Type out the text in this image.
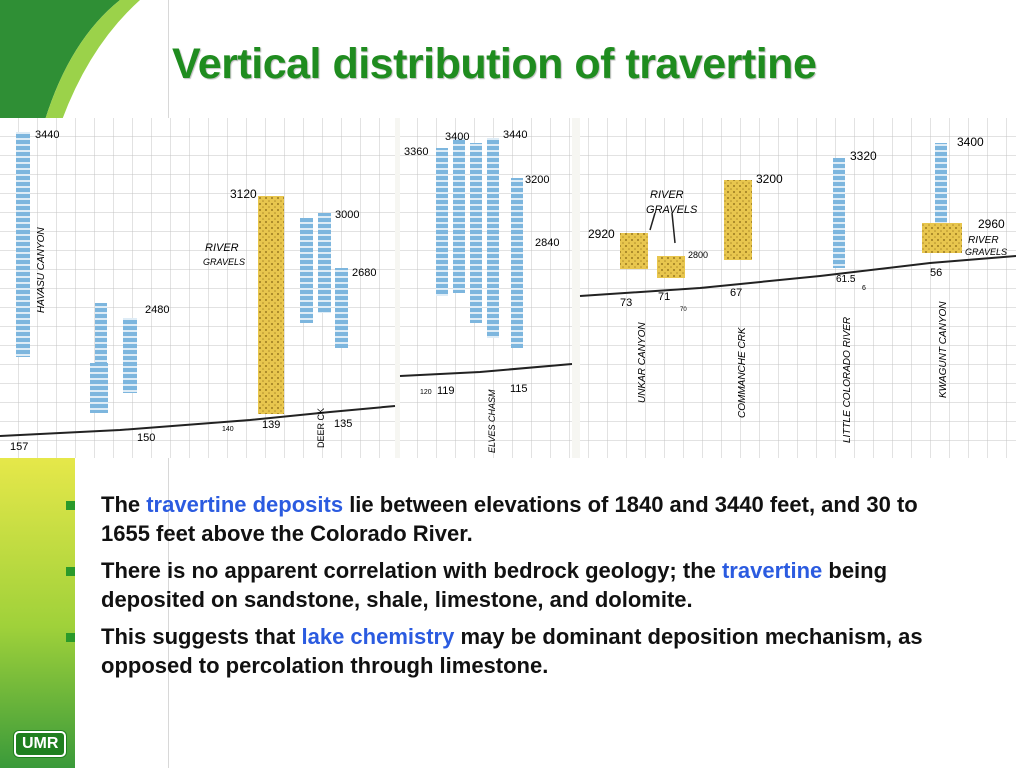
Vertical distribution of travertine
3440
2480
3120
3000
2680
RIVER
GRAVELS
HAVASU CANYON
DEER CK
157
150
140	139	135
3360
3400	3440
3200
2840
ELVES CHASM
120 119	115
2920
2800
3200
3320
3400
2960
RIVER
GRAVELS
RIVER
GRAVELS
UNKAR CANYON	COMMANCHE CRK	LITTLE COLORADO RIVER	KWAGUNT CANYON
73 71
70
67
61.5
56
6
The travertine deposits lie between elevations of 1840 and 3440 feet, and 30 to 1655 feet above the Colorado River.
There is no apparent correlation with bedrock geology; the travertine being deposited on sandstone, shale, limestone, and dolomite.
This suggests that lake chemistry may be dominant deposition mechanism, as opposed to percolation through limestone.
UMR
